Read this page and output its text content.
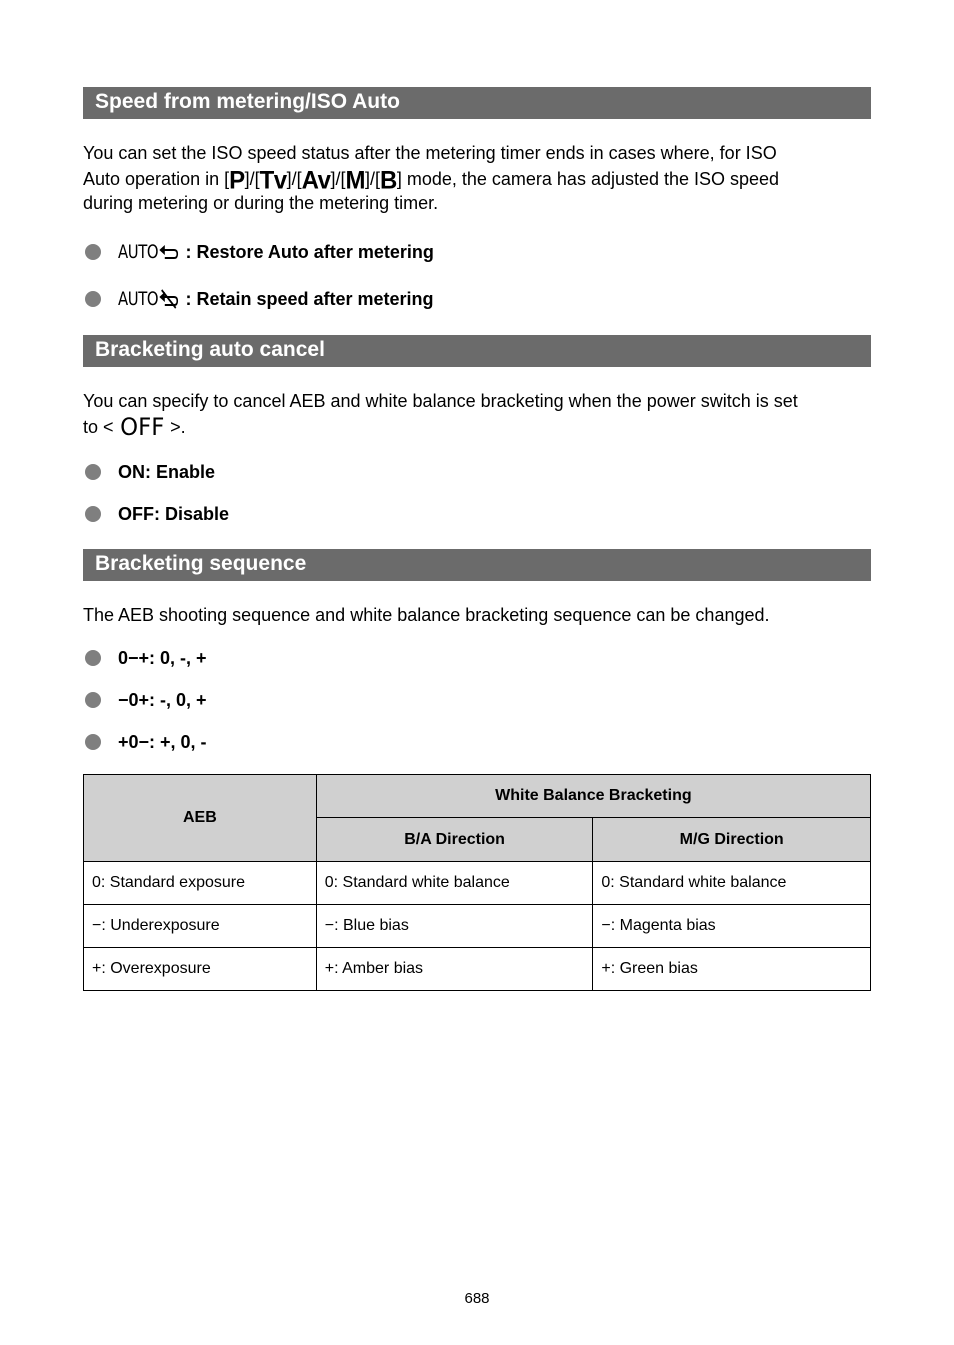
Speed from metering/ISO Auto
You can set the ISO speed status after the metering timer ends in cases where, for ISO
Auto operation in [P]/[Tv]/[Av]/[M]/[B] mode, the camera has adjusted the ISO speed
during metering or during the metering timer.
AUTO : Restore Auto after metering
AUTO : Retain speed after metering
Bracketing auto cancel
You can specify to cancel AEB and white balance bracketing when the power switch is set
to < OFF >.
ON: Enable
OFF: Disable
Bracketing sequence
The AEB shooting sequence and white balance bracketing sequence can be changed.
0−+: 0, -, +
−0+: -, 0, +
+0−: +, 0, -
AEB	White Balance Bracketing	
	B/A Direction	M/G Direction
0: Standard exposure	0: Standard white balance	0: Standard white balance
−: Underexposure	−: Blue bias	−: Magenta bias
+: Overexposure	+: Amber bias	+: Green bias
688
